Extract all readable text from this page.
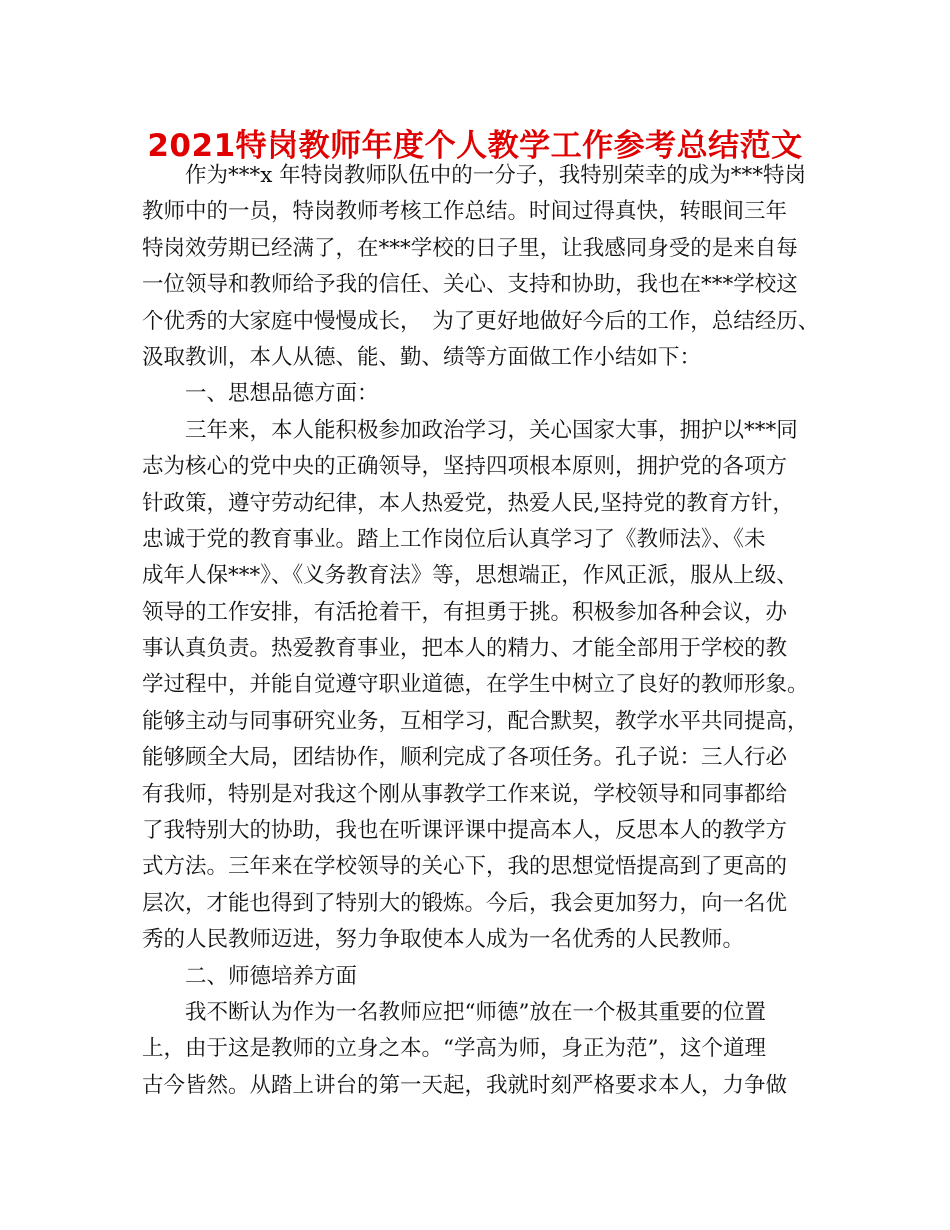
2021特岗教师年度个人教学工作参考总结范文
作为***x 年特岗教师队伍中的一分子，我特别荣幸的成为***特岗
教师中的一员，特岗教师考核工作总结。时间过得真快，转眼间三年
特岗效劳期已经满了，在***学校的日子里，让我感同身受的是来自每
一位领导和教师给予我的信任、关心、支持和协助，我也在***学校这
个优秀的大家庭中慢慢成长，　为了更好地做好今后的工作，总结经历、
汲取教训，本人从德、能、勤、绩等方面做工作小结如下：
一、思想品德方面：
三年来，本人能积极参加政治学习，关心国家大事，拥护以***同
志为核心的党中央的正确领导，坚持四项根本原则，拥护党的各项方
针政策，遵守劳动纪律，本人热爱党，热爱人民,坚持党的教育方针，
忠诚于党的教育事业。踏上工作岗位后认真学习了《教师法》、《未
成年人保***》、《义务教育法》等，思想端正，作风正派，服从上级、
领导的工作安排，有活抢着干，有担勇于挑。积极参加各种会议，办
事认真负责。热爱教育事业，把本人的精力、才能全部用于学校的教
学过程中，并能自觉遵守职业道德，在学生中树立了良好的教师形象。
能够主动与同事研究业务，互相学习，配合默契，教学水平共同提高，
能够顾全大局，团结协作，顺利完成了各项任务。孔子说：三人行必
有我师，特别是对我这个刚从事教学工作来说，学校领导和同事都给
了我特别大的协助，我也在听课评课中提高本人，反思本人的教学方
式方法。三年来在学校领导的关心下，我的思想觉悟提高到了更高的
层次，才能也得到了特别大的锻炼。今后，我会更加努力，向一名优
秀的人民教师迈进，努力争取使本人成为一名优秀的人民教师。
二、师德培养方面
我不断认为作为一名教师应把“师德”放在一个极其重要的位置
上，由于这是教师的立身之本。“学高为师，身正为范”，这个道理
古今皆然。从踏上讲台的第一天起，我就时刻严格要求本人，力争做
